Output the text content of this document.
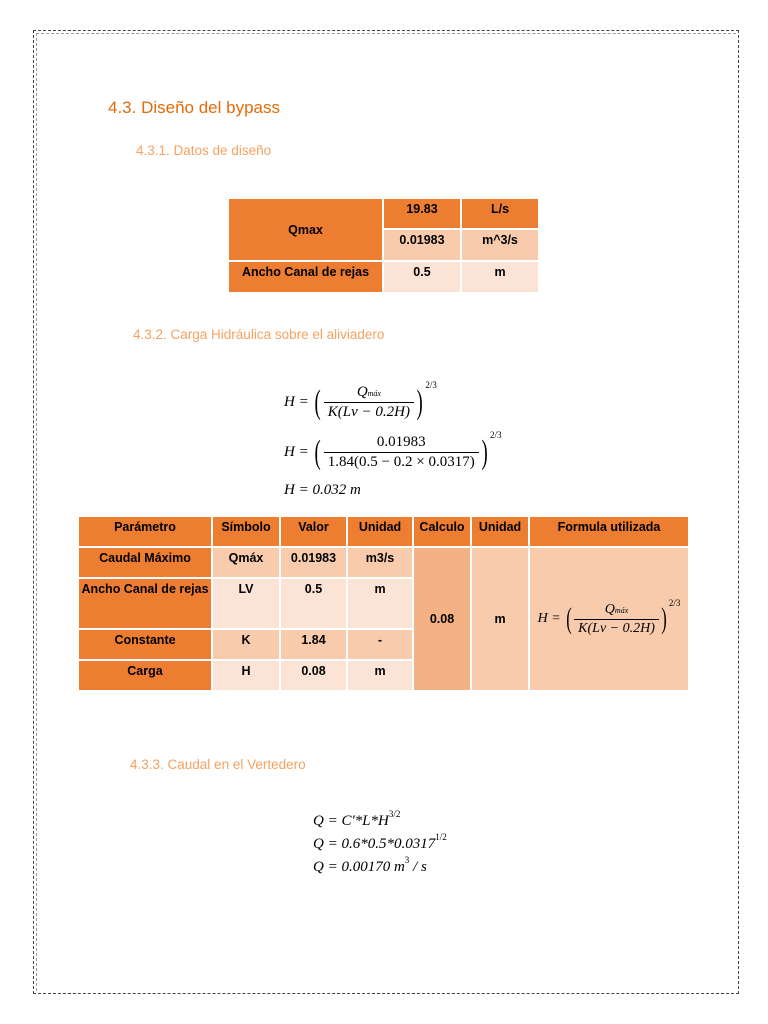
4.3. Diseño del bypass
4.3.1. Datos de diseño
Qmax	19.83	L/s
	0.01983	m^3/s
Ancho Canal de rejas	0.5	m
4.3.2. Carga Hidráulica sobre el aliviadero
H = ( $\frac{\text{Qmáx}}{K(Lv - 0.2H)}$ ) $^{2/3}$
H = ( $\frac{0.01983}{1.84(0.5 - 0.2 \times 0.0317)}$ ) $^{2/3}$
H = 0.032 m
Parámetro	Símbolo	Valor	Unidad	Calculo	Unidad	Formula utilizada
Caudal Máximo	Qmáx	0.01983	m3/s	0.08	m	H = ( $\frac{\text{Qmáx}}{K(Lv - 0.2H)}$ ) $^{2/3}$
Ancho Canal de rejas	LV	0.5	m			
Constante	K	1.84	-			
Carga	H	0.08	m			
4.3.3. Caudal en el Vertedero
$Q = C'*L*H^{3/2}$
$Q = 0.6*0.5*0.0317^{1/2}$
Q = 0.00170 $m^3$ / s
